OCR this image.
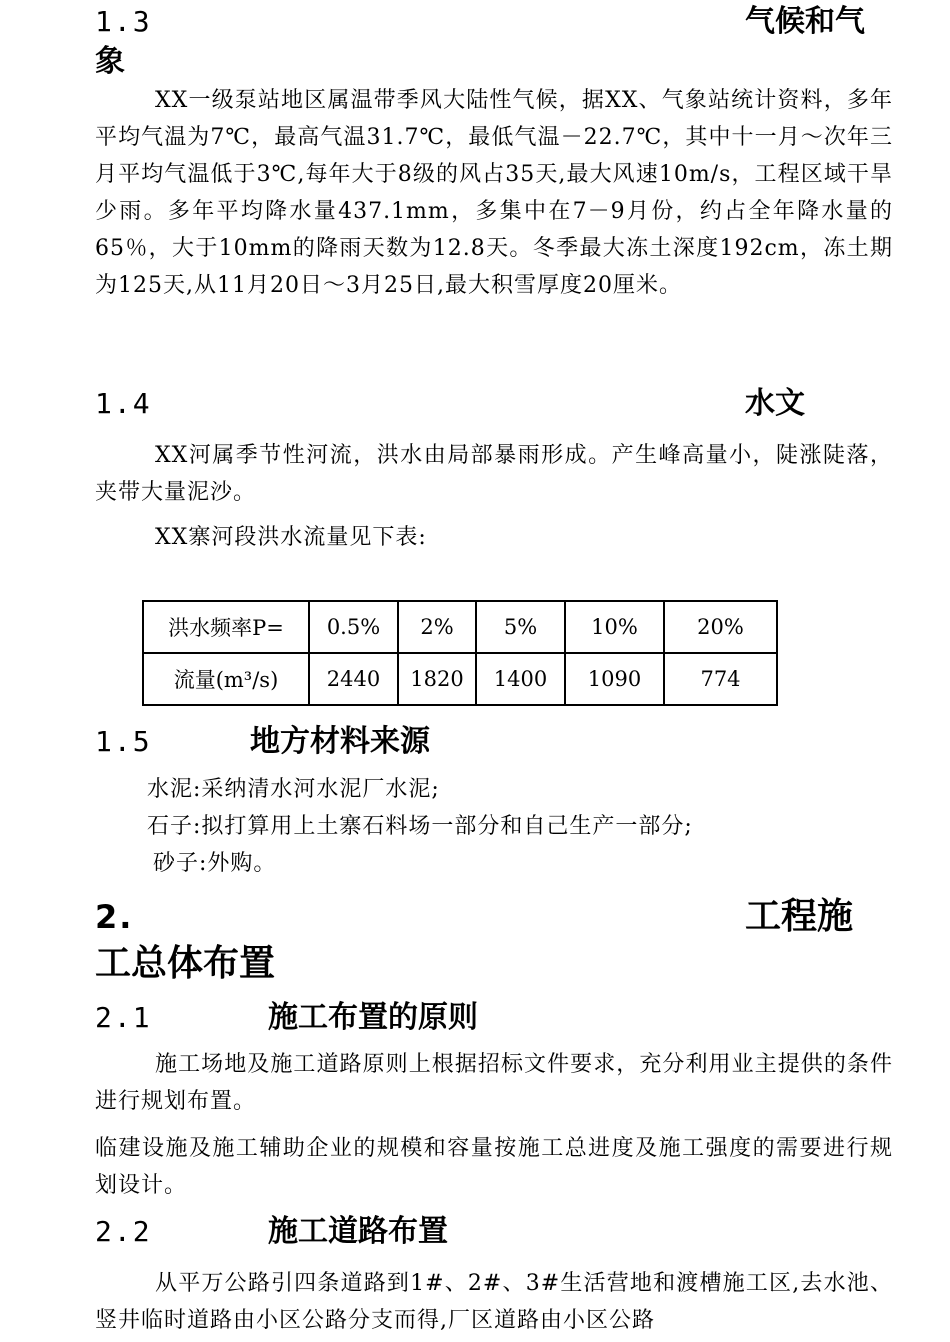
1.3	气候和气
象
XX一级泵站地区属温带季风大陆性气候，据XX、气象站统计资料，多年平均气温为7℃，最高气温31.7℃，最低气温－22.7℃，其中十一月～次年三月平均气温低于3℃,每年大于8级的风占35天,最大风速10m/s，工程区域干旱少雨。多年平均降水量437.1mm，多集中在7－9月份，约占全年降水量的65％，大于10mm的降雨天数为12.8天。冬季最大冻土深度192cm，冻土期为125天,从11月20日～3月25日,最大积雪厚度20厘米。
1.4	水文
XX河属季节性河流，洪水由局部暴雨形成。产生峰高量小，陡涨陡落，夹带大量泥沙。
XX寨河段洪水流量见下表:
洪水频率P=	0.5%	2%	5%	10%	20%
流量(m³/s)	2440	1820	1400	1090	774
1.5	地方材料来源
水泥:采纳清水河水泥厂水泥;
石子:拟打算用上土寨石料场一部分和自己生产一部分;
砂子:外购。
2.	工程施
工总体布置
2.1	施工布置的原则
施工场地及施工道路原则上根据招标文件要求，充分利用业主提供的条件进行规划布置。
临建设施及施工辅助企业的规模和容量按施工总进度及施工强度的需要进行规划设计。
2.2	施工道路布置
从平万公路引四条道路到1#、2#、3#生活营地和渡槽施工区,去水池、竖井临时道路由小区公路分支而得,厂区道路由小区公路
